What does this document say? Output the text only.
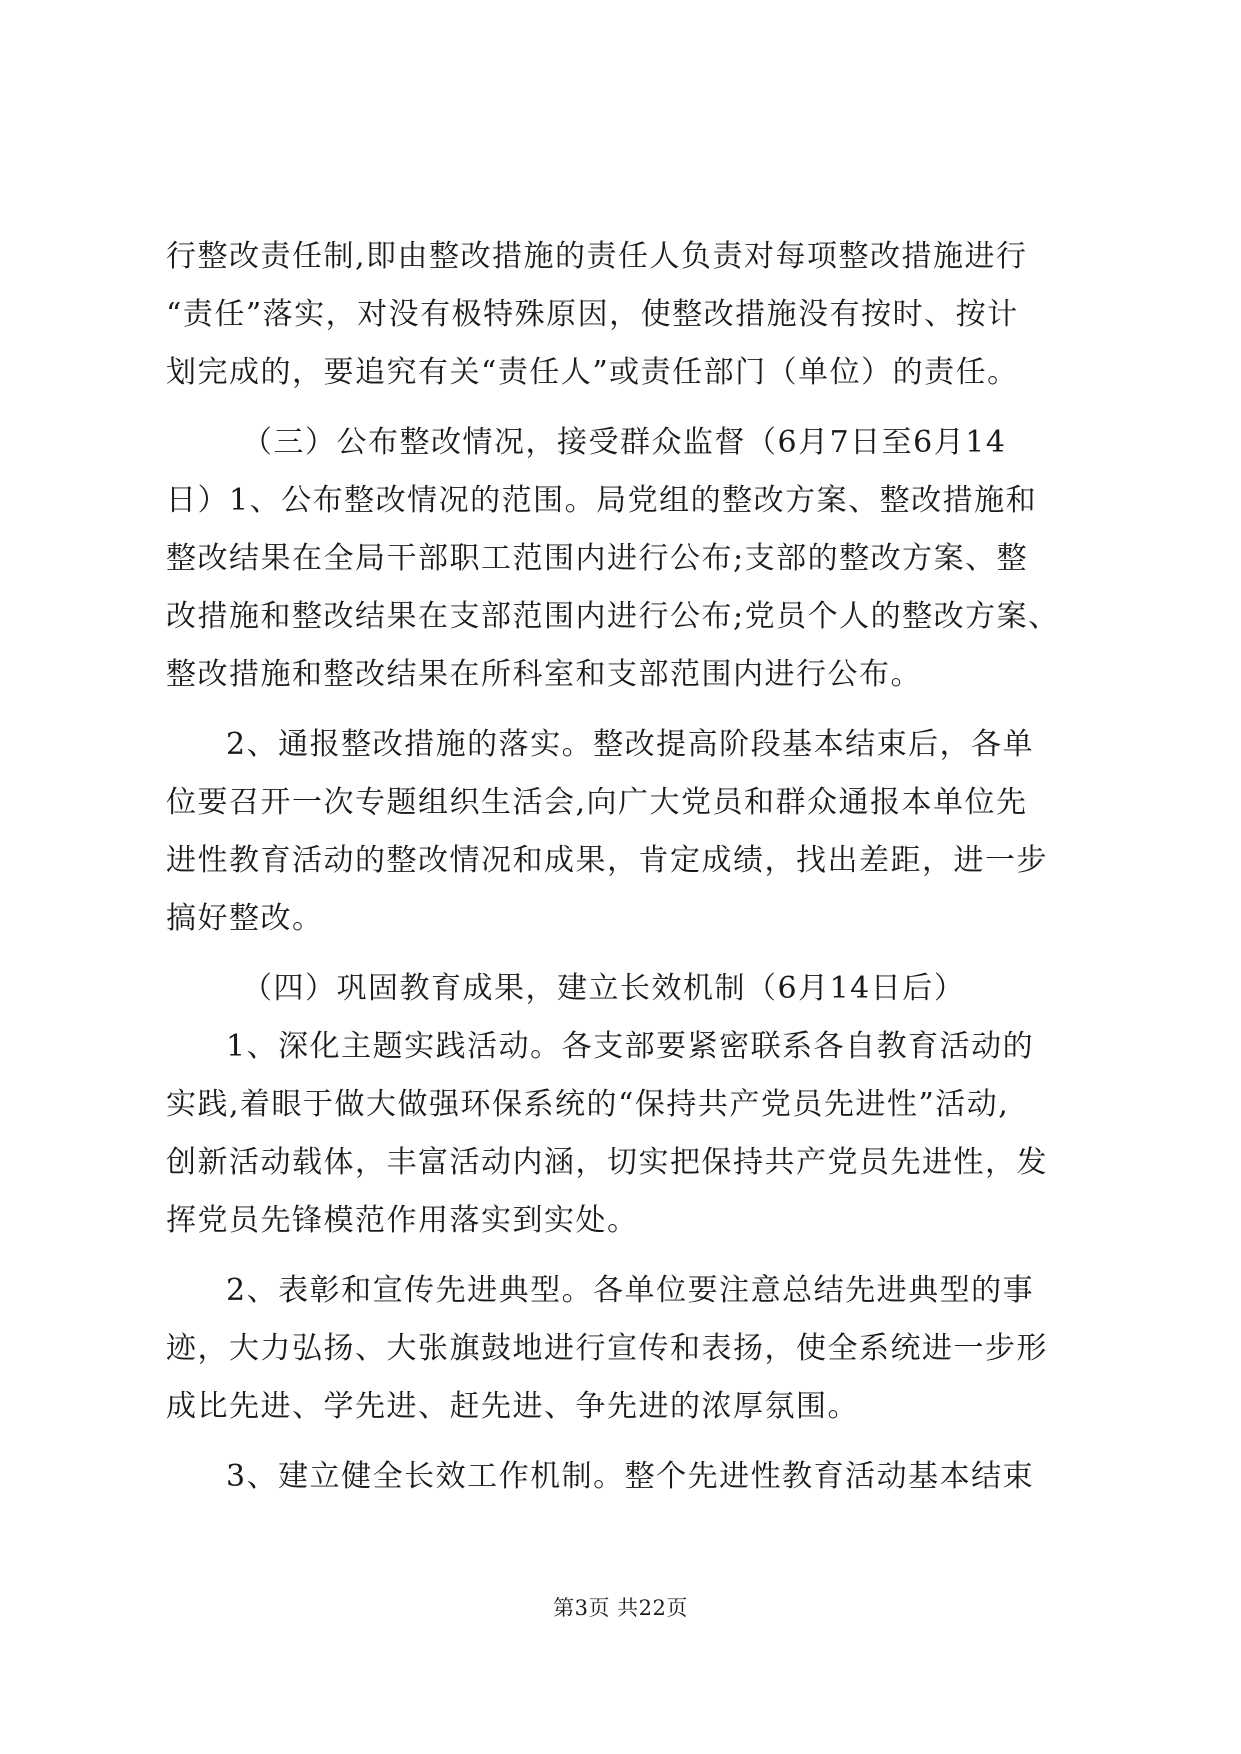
行整改责任制,即由整改措施的责任人负责对每项整改措施进行
“责任”落实，对没有极特殊原因，使整改措施没有按时、按计
划完成的，要追究有关“责任人”或责任部门（单位）的责任。
（三）公布整改情况，接受群众监督（6月7日至6月14
日）1、公布整改情况的范围。局党组的整改方案、整改措施和
整改结果在全局干部职工范围内进行公布;支部的整改方案、整
改措施和整改结果在支部范围内进行公布;党员个人的整改方案、
整改措施和整改结果在所科室和支部范围内进行公布。
2、通报整改措施的落实。整改提高阶段基本结束后，各单
位要召开一次专题组织生活会,向广大党员和群众通报本单位先
进性教育活动的整改情况和成果，肯定成绩，找出差距，进一步
搞好整改。
（四）巩固教育成果，建立长效机制（6月14日后）
1、深化主题实践活动。各支部要紧密联系各自教育活动的
实践,着眼于做大做强环保系统的“保持共产党员先进性”活动,
创新活动载体，丰富活动内涵，切实把保持共产党员先进性，发
挥党员先锋模范作用落实到实处。
2、表彰和宣传先进典型。各单位要注意总结先进典型的事
迹，大力弘扬、大张旗鼓地进行宣传和表扬，使全系统进一步形
成比先进、学先进、赶先进、争先进的浓厚氛围。
3、建立健全长效工作机制。整个先进性教育活动基本结束
第3页 共22页
